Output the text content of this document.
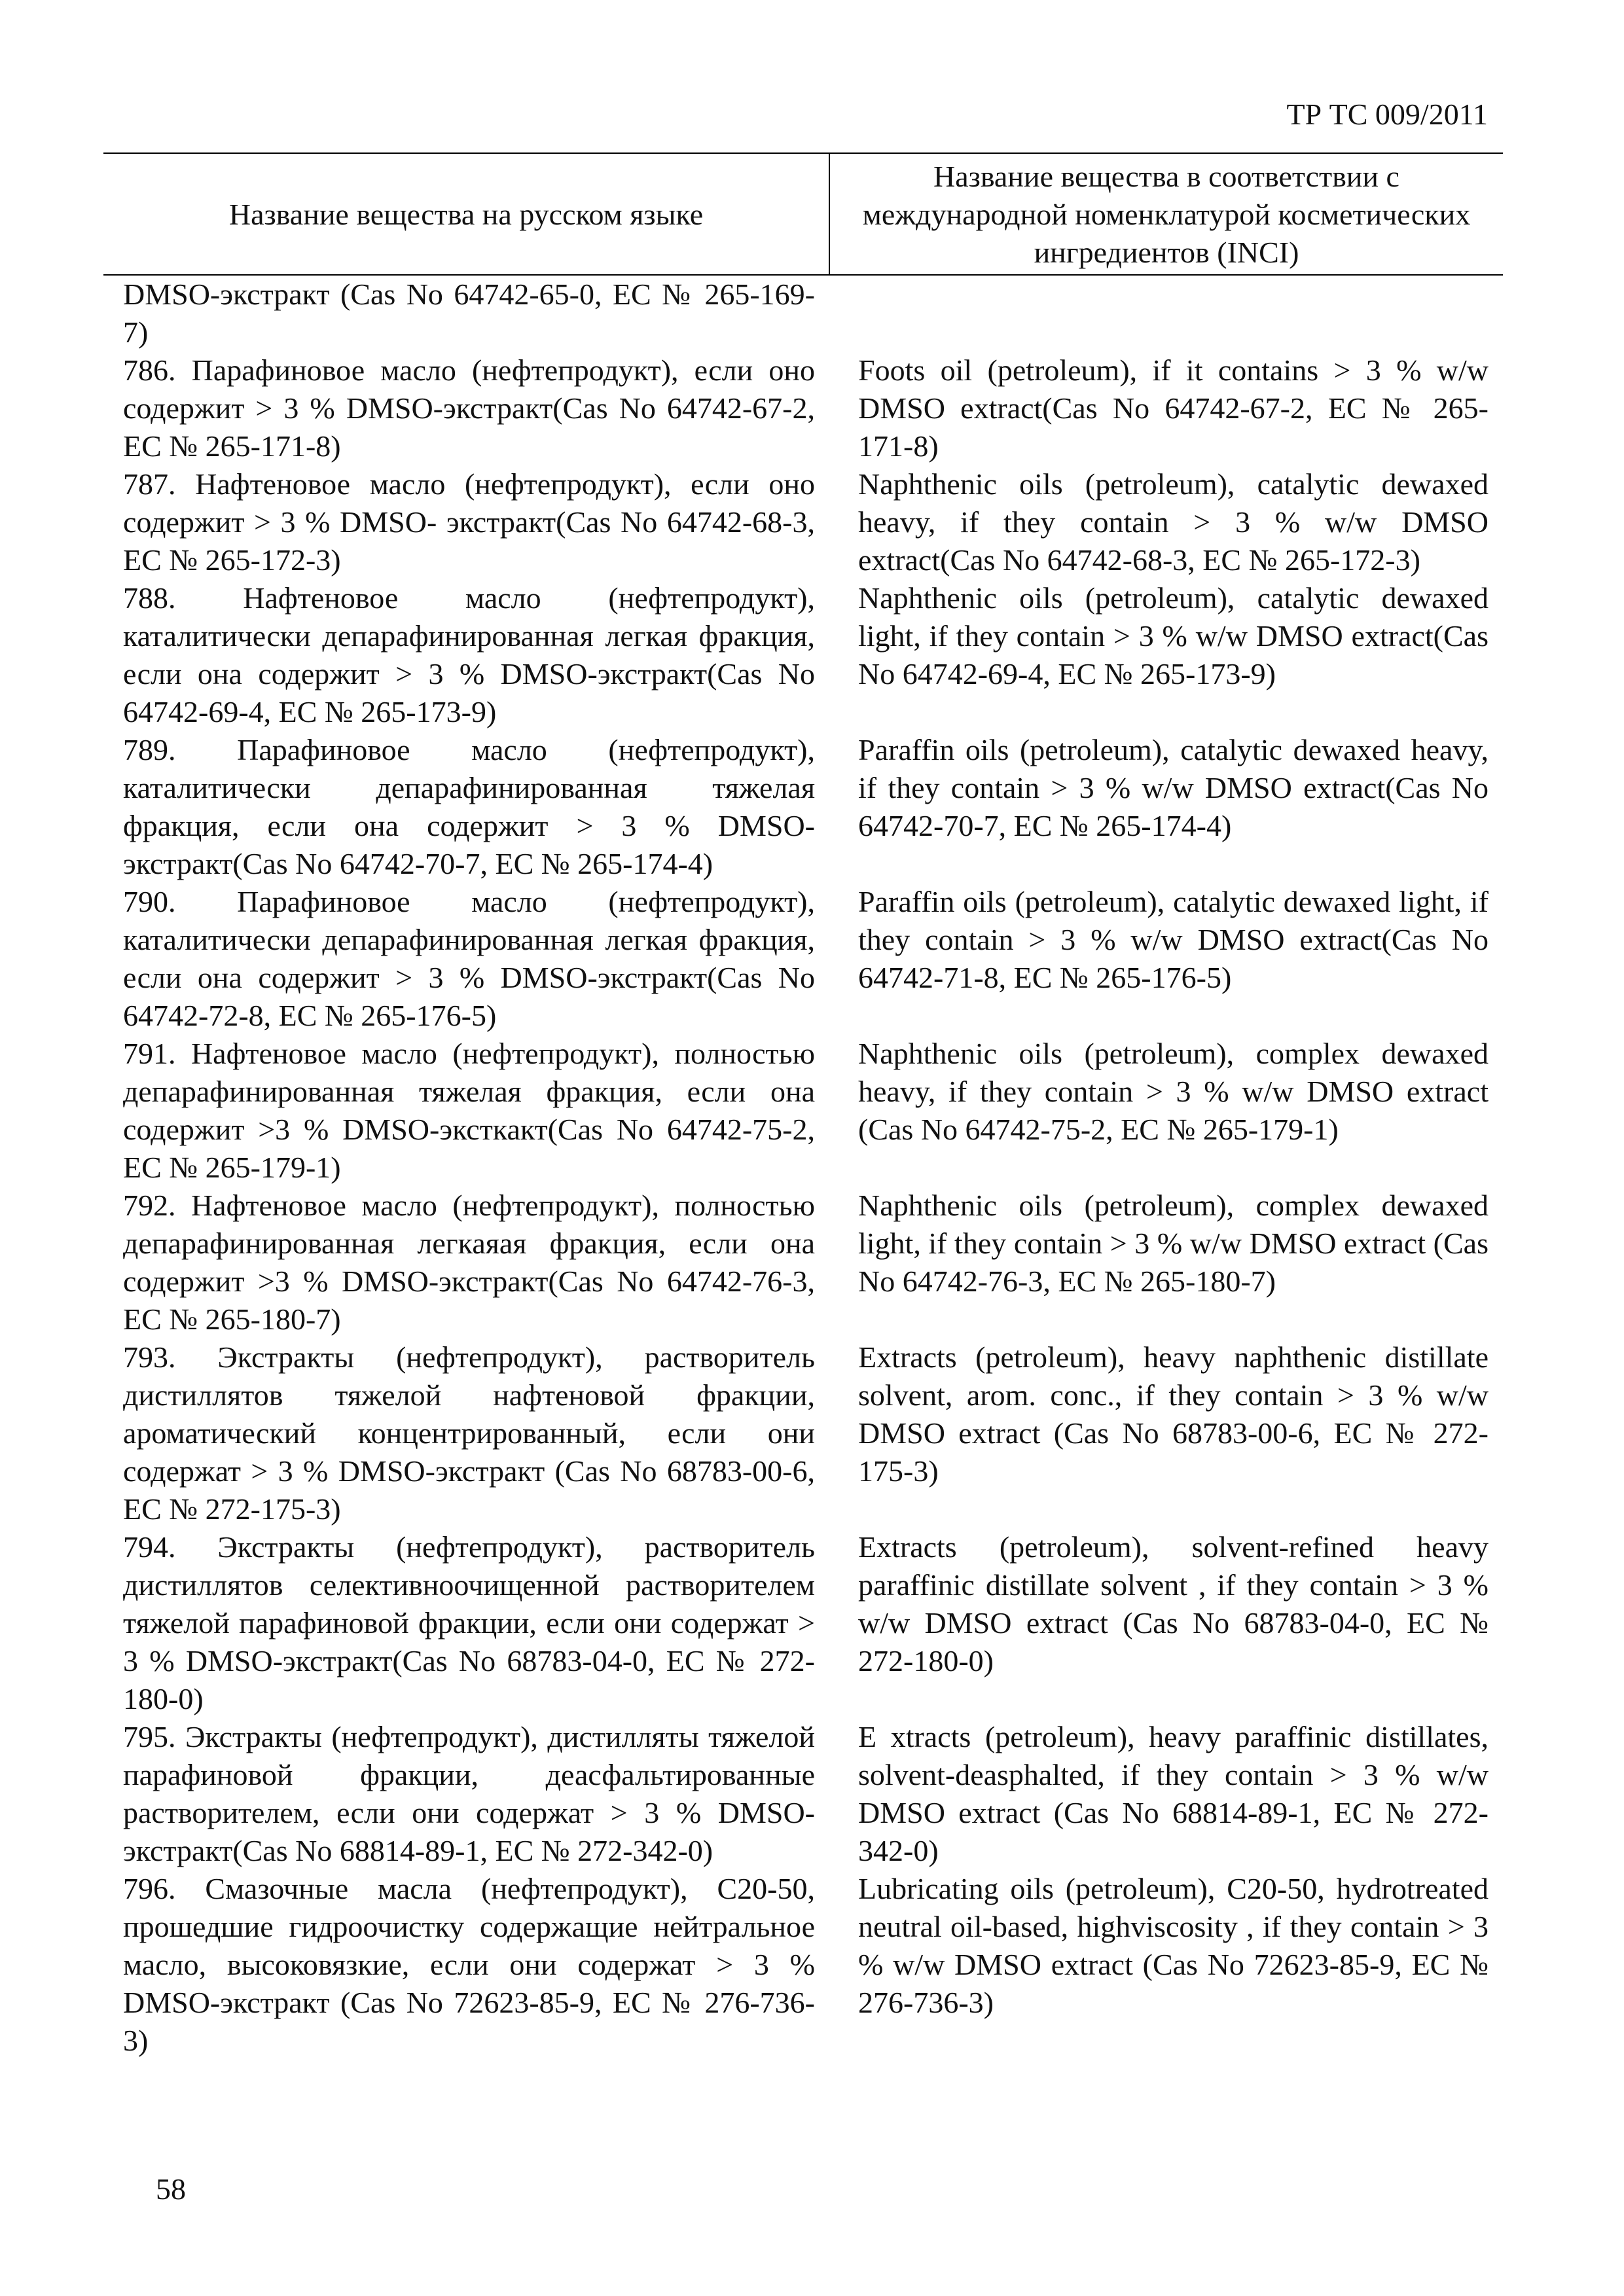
ТР ТС 009/2011
Название вещества на русском языке	Название вещества в соответствии с международной номенклатурой косметических ингредиентов (INCI)

DMSO-экстракт (Cas No 64742-65-0, ЕС № 265-169-7)	

786. Парафиновое масло (нефтепродукт), если оно содержит > 3 % DMSO-экстракт(Cas No 64742-67-2, ЕС № 265-171-8)	Foots oil (petroleum), if it contains > 3 % w/w DMSO extract(Cas No 64742-67-2, EC № 265-171-8)

787. Нафтеновое масло (нефтепродукт), если оно содержит > 3 % DMSO- экстракт(Cas No 64742-68-3, ЕС № 265-172-3)	Naphthenic oils (petroleum), catalytic dewaxed heavy, if they contain > 3 % w/w DMSO extract(Cas No 64742-68-3, EC № 265-172-3)

788. Нафтеновое масло (нефтепродукт), каталитически депарафинированная легкая фракция, если она содержит > 3 % DMSO-экстракт(Cas No 64742-69-4, ЕС № 265-173-9)	Naphthenic oils (petroleum), catalytic dewaxed light, if they contain > 3 % w/w DMSO extract(Cas No 64742-69-4, EC № 265-173-9)

789. Парафиновое масло (нефтепродукт), каталитически депарафинированная тяжелая фракция, если она содержит > 3 % DMSO-экстракт(Cas No 64742-70-7, ЕС № 265-174-4)	Paraffin oils (petroleum), catalytic dewaxed heavy, if they contain > 3 % w/w DMSO extract(Cas No 64742-70-7, EC № 265-174-4)

790. Парафиновое масло (нефтепродукт), каталитически депарафинированная легкая фракция, если она содержит > 3 % DMSO-экстракт(Cas No 64742-72-8, ЕС № 265-176-5)	Paraffin oils (petroleum), catalytic dewaxed light, if they contain > 3 % w/w DMSO extract(Cas No 64742-71-8, EC № 265-176-5)

791. Нафтеновое масло (нефтепродукт), полностью депарафинированная тяжелая фракция, если она содержит >3 % DMSO-эксткакт(Cas No 64742-75-2, ЕС № 265-179-1)	Naphthenic oils (petroleum), complex dewaxed heavy, if they contain > 3 % w/w DMSO extract (Cas No 64742-75-2, EC № 265-179-1)

792. Нафтеновое масло (нефтепродукт), полностью депарафинированная легкаяая фракция, если она содержит >3 % DMSO-экстракт(Cas No 64742-76-3, ЕС № 265-180-7)	Naphthenic oils (petroleum), complex dewaxed light, if they contain > 3 % w/w DMSO extract (Cas No 64742-76-3, EC № 265-180-7)

793. Экстракты (нефтепродукт), растворитель дистиллятов тяжелой нафтеновой фракции, ароматический концентрированный, если они содержат > 3 % DMSO-экстракт (Cas No 68783-00-6, ЕС № 272-175-3)	Extracts (petroleum), heavy naphthenic distillate solvent, arom. conc., if they contain > 3 % w/w DMSO extract (Cas No 68783-00-6, EC № 272-175-3)

794. Экстракты (нефтепродукт), растворитель дистиллятов селективноочищенной растворителем тяжелой парафиновой фракции, если они содержат > 3 % DMSO-экстракт(Cas No 68783-04-0, ЕС № 272-180-0)	Extracts (petroleum), solvent-refined heavy paraffinic distillate solvent , if they contain > 3 % w/w DMSO extract (Cas No 68783-04-0, EC № 272-180-0)

795. Экстракты (нефтепродукт), дистилляты тяжелой парафиновой фракции, деасфальтированные растворителем, если они содержат > 3 % DMSO-экстракт(Cas No 68814-89-1, ЕС № 272-342-0)	E xtracts (petroleum), heavy paraffinic distillates, solvent-deasphalted, if they contain > 3 % w/w DMSO extract (Cas No 68814-89-1, EC № 272-342-0)

796. Смазочные масла (нефтепродукт), C20-50, прошедшие гидроочистку содержащие нейтральное масло, высоковязкие, если они содержат > 3 % DMSO-экстракт (Cas No 72623-85-9, ЕС № 276-736-3)	Lubricating oils (petroleum), C20-50, hydrotreated neutral oil-based, highviscosity , if they contain > 3 % w/w DMSO extract (Cas No 72623-85-9, EC № 276-736-3)
58
